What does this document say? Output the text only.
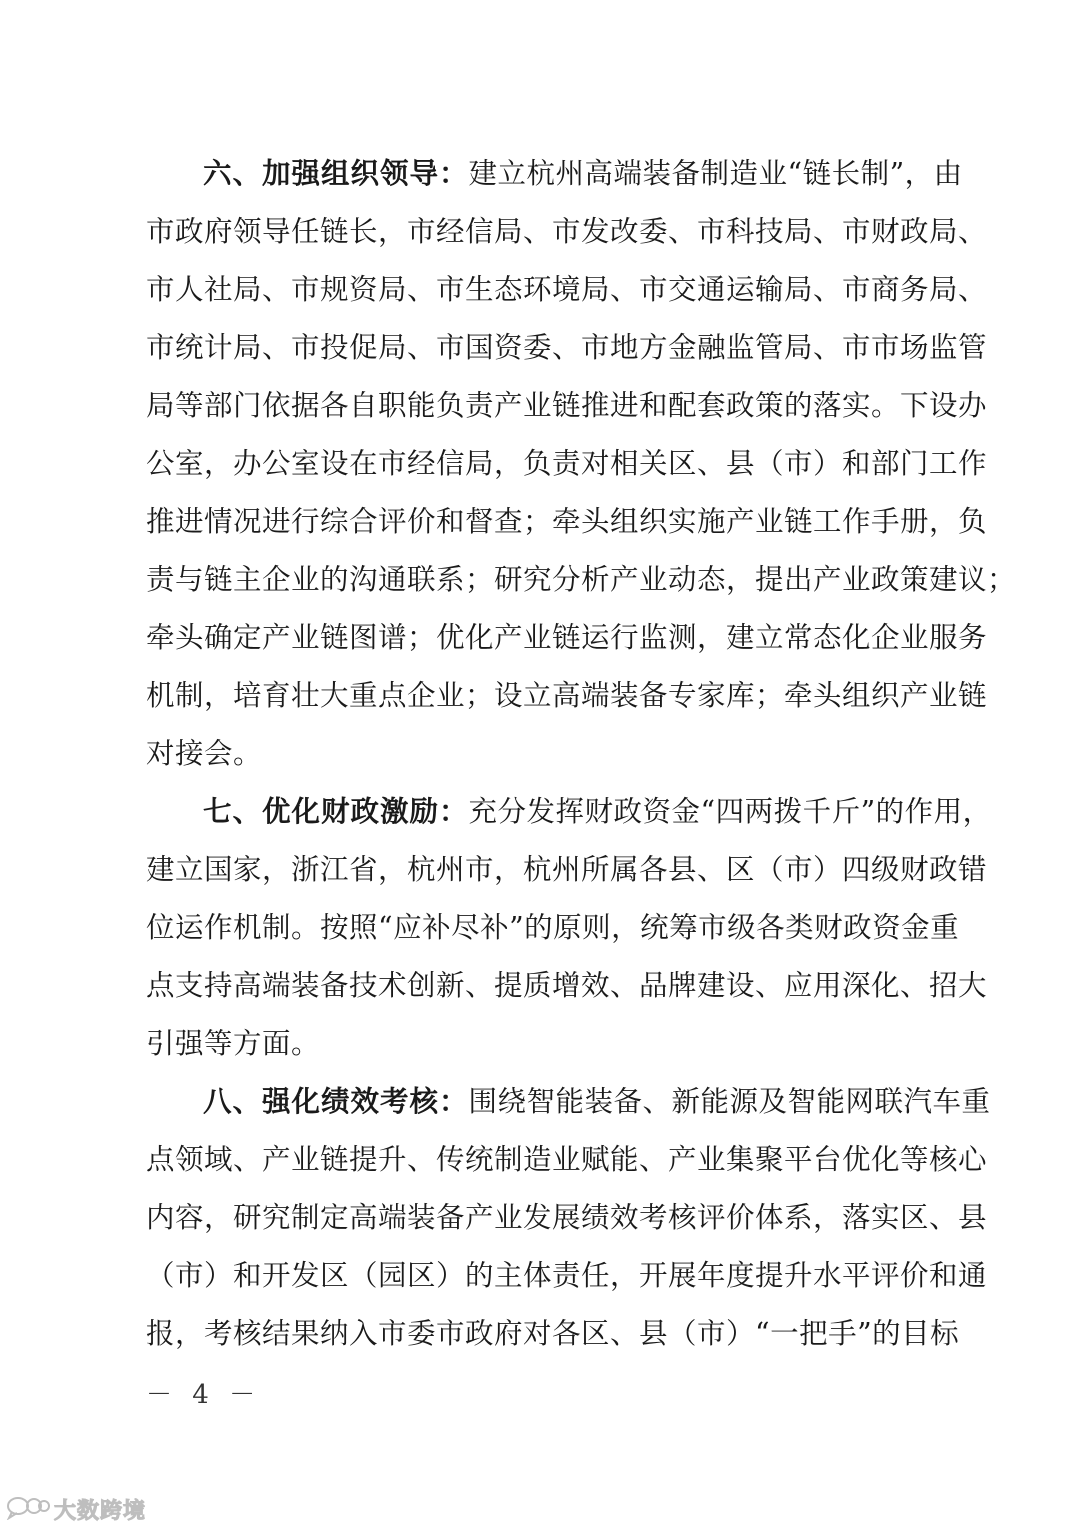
六、加强组织领导：建立杭州高端装备制造业“链长制”，由
市政府领导任链长，市经信局、市发改委、市科技局、市财政局、
市人社局、市规资局、市生态环境局、市交通运输局、市商务局、
市统计局、市投促局、市国资委、市地方金融监管局、市市场监管
局等部门依据各自职能负责产业链推进和配套政策的落实。下设办
公室，办公室设在市经信局，负责对相关区、县（市）和部门工作
推进情况进行综合评价和督查；牵头组织实施产业链工作手册，负
责与链主企业的沟通联系；研究分析产业动态，提出产业政策建议；
牵头确定产业链图谱；优化产业链运行监测，建立常态化企业服务
机制，培育壮大重点企业；设立高端装备专家库；牵头组织产业链
对接会。
七、优化财政激励：充分发挥财政资金“四两拨千斤”的作用，
建立国家，浙江省，杭州市，杭州所属各县、区（市）四级财政错
位运作机制。按照“应补尽补”的原则，统筹市级各类财政资金重
点支持高端装备技术创新、提质增效、品牌建设、应用深化、招大
引强等方面。
八、强化绩效考核：围绕智能装备、新能源及智能网联汽车重
点领域、产业链提升、传统制造业赋能、产业集聚平台优化等核心
内容，研究制定高端装备产业发展绩效考核评价体系，落实区、县
（市）和开发区（园区）的主体责任，开展年度提升水平评价和通
报，考核结果纳入市委市政府对各区、县（市）“一把手”的目标
－ 4 －
大数跨境
